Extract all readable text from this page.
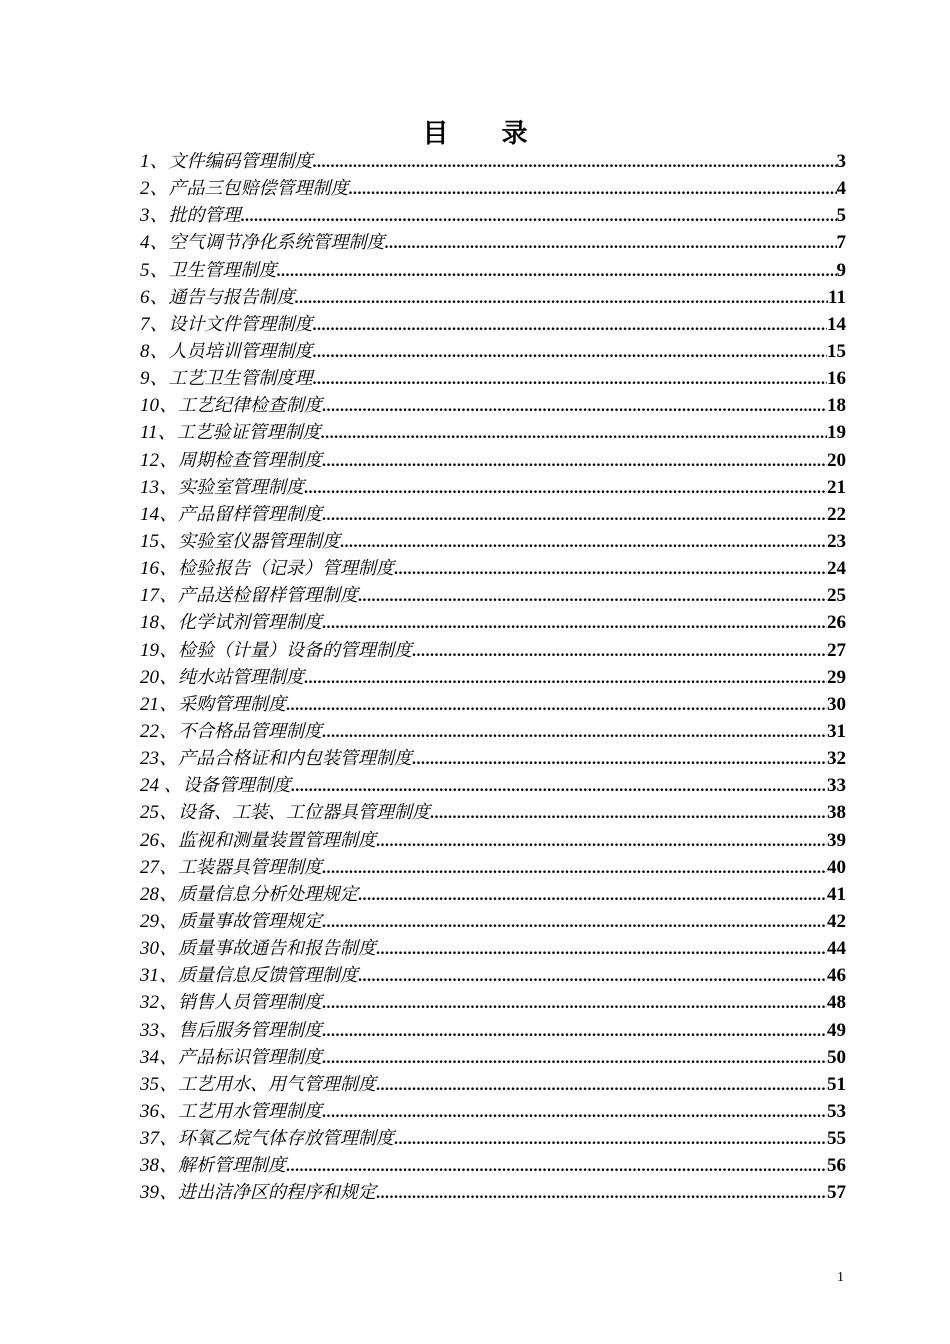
目 录
1、 文件编码管理制度 .....	3
2、 产品三包赔偿管理制度 .....	4
3、 批的管理 .....	5
4、 空气调节净化系统管理制度 .....	7
5、 卫生管理制度 .....	9
6、 通告与报告制度 .....	11
7、 设计文件管理制度 .....	14
8、 人员培训管理制度 .....	15
9、 工艺卫生管制度理 .....	16
10、 工艺纪律检查制度 .....	18
11、 工艺验证管理制度 .....	19
12、 周期检查管理制度 .....	20
13、 实验室管理制度 .....	21
14、 产品留样管理制度 .....	22
15、 实验室仪器管理制度 .....	23
16、 检验报告（记录）管理制度 .....	24
17、 产品送检留样管理制度 .....	25
18、 化学试剂管理制度 .....	26
19、 检验（计量）设备的管理制度 .....	27
20、 纯水站管理制度 .....	29
21、 采购管理制度 .....	30
22、 不合格品管理制度 .....	31
23、 产品合格证和内包装管理制度 .....	32
24 、 设备管理制度 .....	33
25、 设备、工装、工位器具管理制度 .....	38
26、 监视和测量装置管理制度 .....	39
27、 工装器具管理制度 .....	40
28、 质量信息分析处理规定 .....	41
29、 质量事故管理规定 .....	42
30、 质量事故通告和报告制度 .....	44
31、 质量信息反馈管理制度 .....	46
32、 销售人员管理制度 .....	48
33、 售后服务管理制度 .....	49
34、 产品标识管理制度 .....	50
35、 工艺用水、用气管理制度 .....	51
36、 工艺用水管理制度 .....	53
37、 环氧乙烷气体存放管理制度 .....	55
38、 解析管理制度 .....	56
39、 进出洁净区的程序和规定 .....	57
1
